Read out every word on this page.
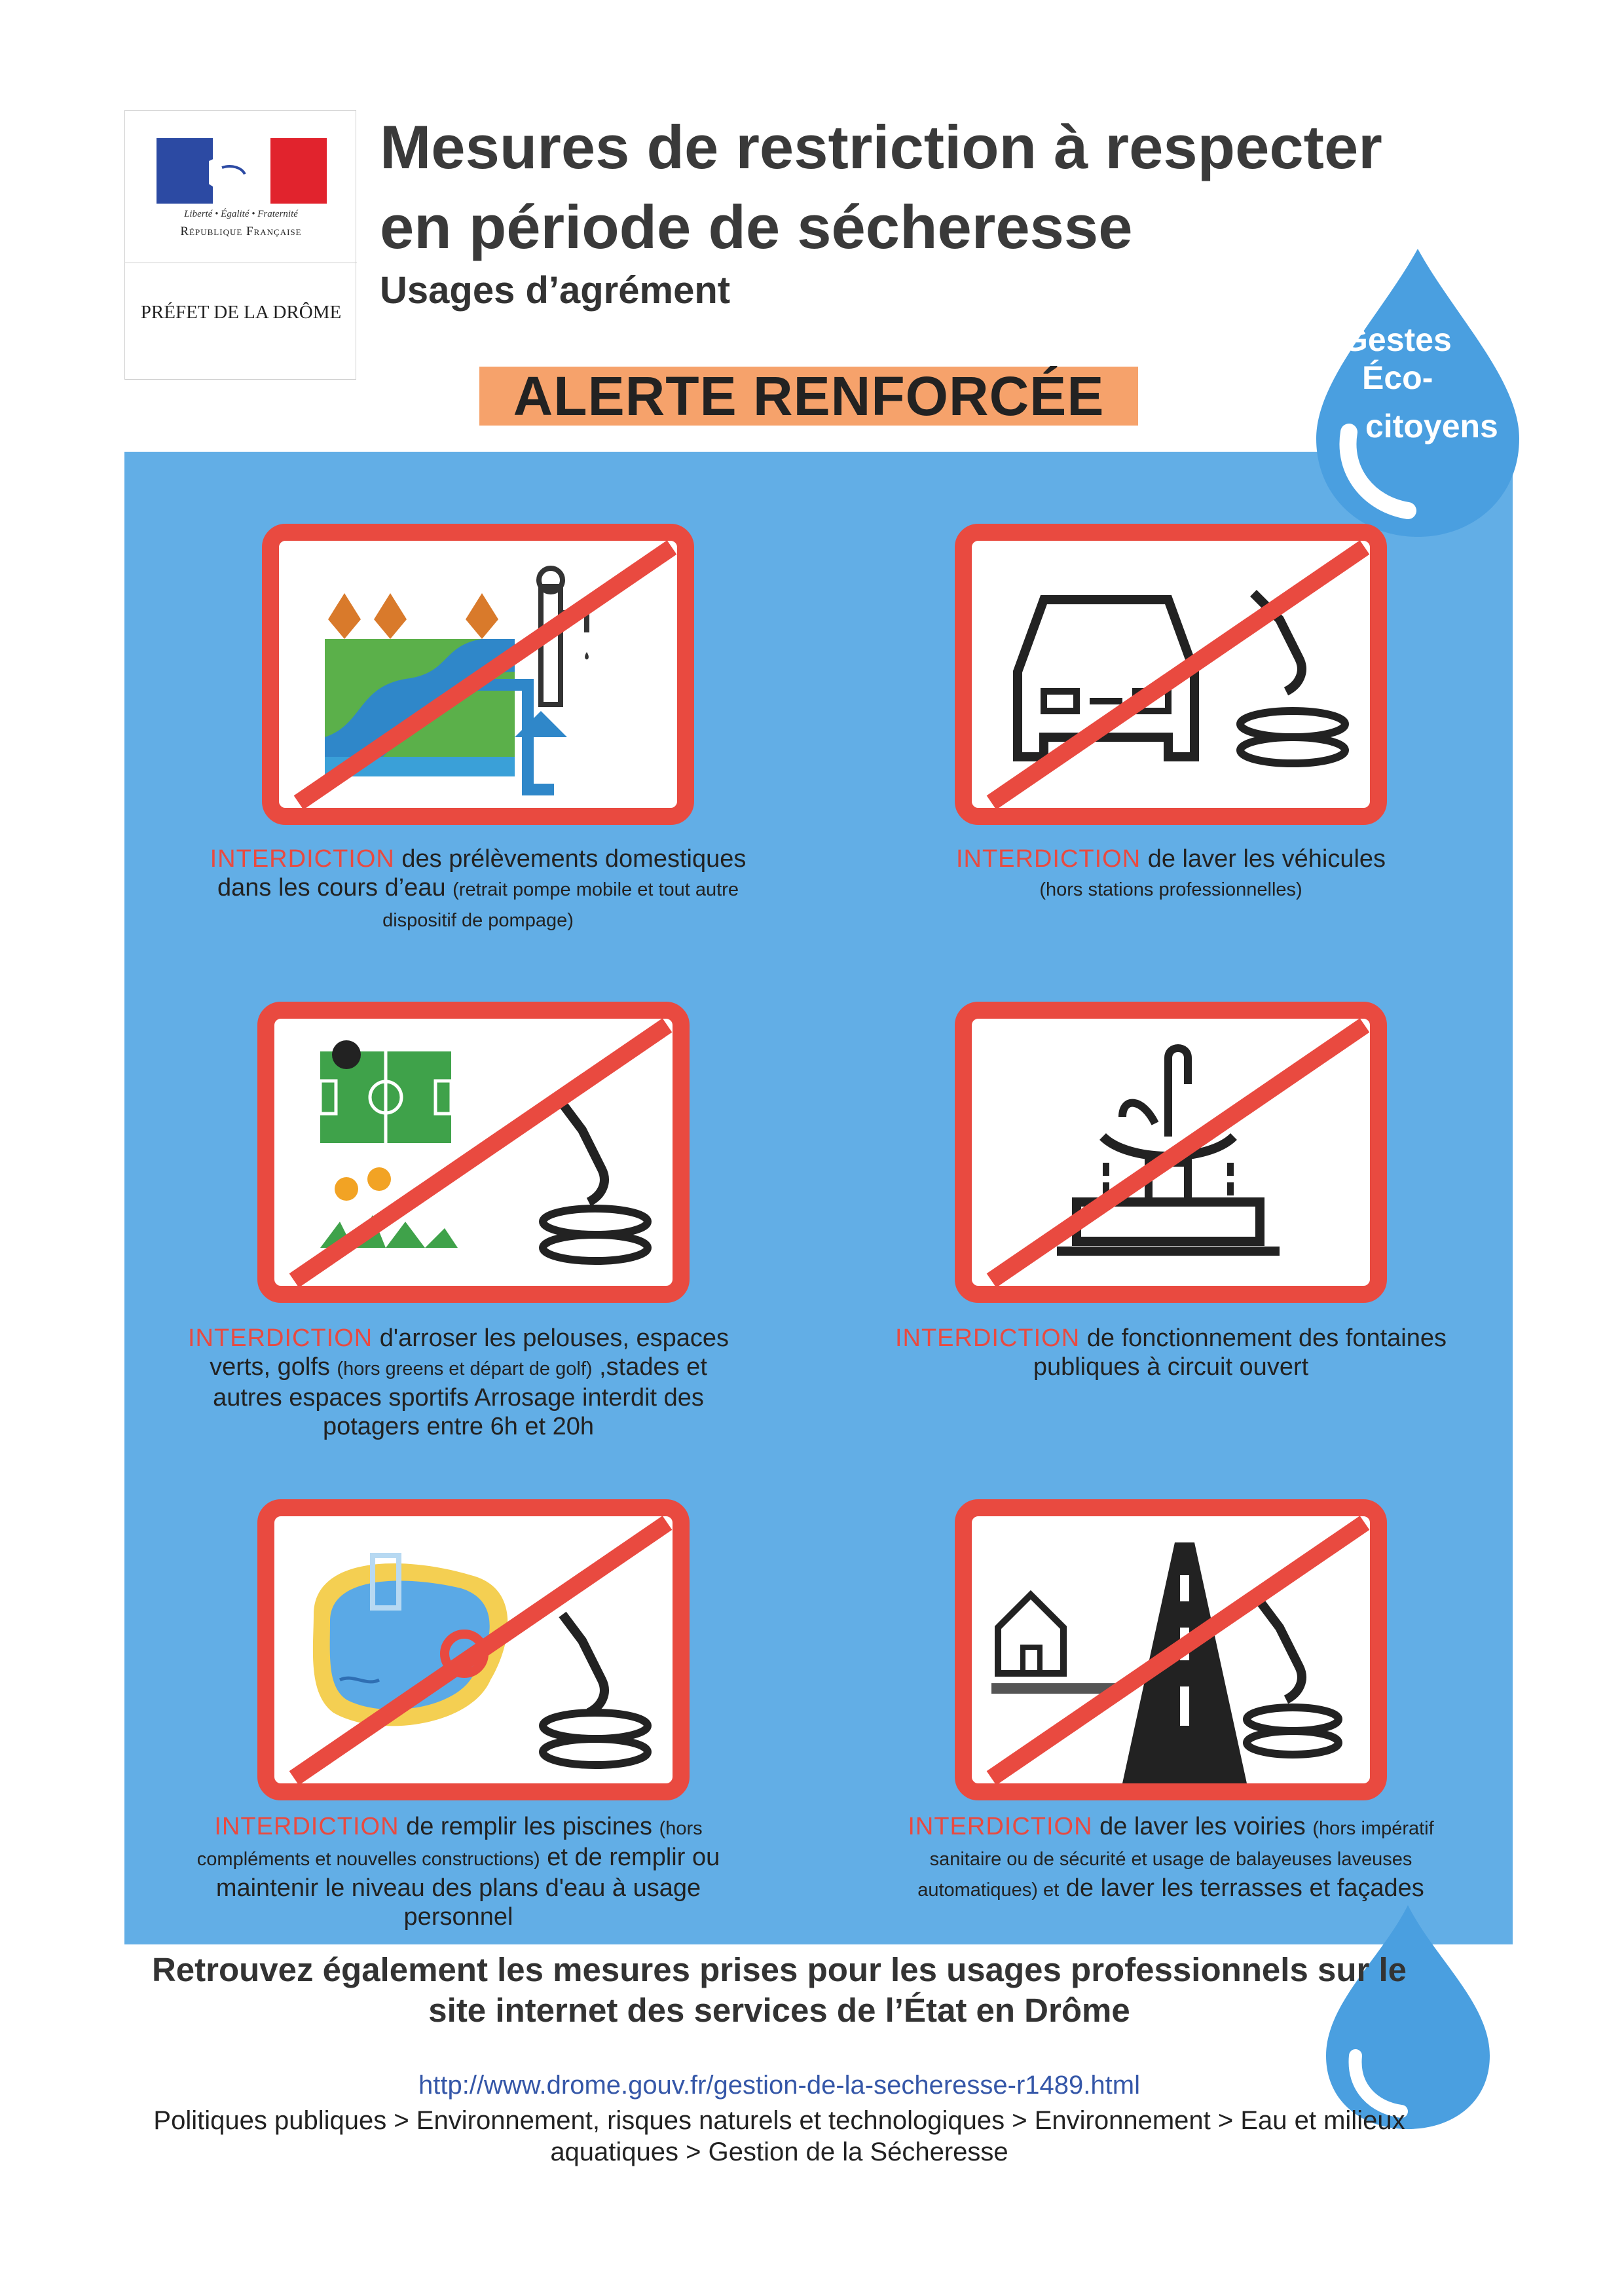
Liberté • Égalité • Fraternité
République Française
PRÉFET DE LA DRÔME
Mesures de restriction à respecter
en période de sécheresse
Usages d’agrément
ALERTE RENFORCÉE
Gestes
Éco-
citoyens
INTERDICTION des prélèvements domestiques dans les cours d’eau (retrait pompe mobile et tout autre dispositif de pompage)
INTERDICTION de laver les véhicules
(hors stations professionnelles)
INTERDICTION d'arroser les pelouses, espaces verts, golfs (hors greens et départ de golf) ,stades et autres espaces sportifs Arrosage interdit des potagers entre 6h et 20h
INTERDICTION de fonctionnement des fontaines publiques à circuit ouvert
INTERDICTION de remplir les piscines (hors compléments et nouvelles constructions) et de remplir ou maintenir le niveau des plans d'eau à usage personnel
INTERDICTION de laver les voiries (hors impératif sanitaire ou de sécurité et usage de balayeuses laveuses automatiques) et de laver les terrasses et façades
Retrouvez également les mesures prises pour les usages professionnels sur le site internet des services de l’État en Drôme
http://www.drome.gouv.fr/gestion-de-la-secheresse-r1489.html
Politiques publiques > Environnement, risques naturels et technologiques > Environnement > Eau et milieux aquatiques > Gestion de la Sécheresse
